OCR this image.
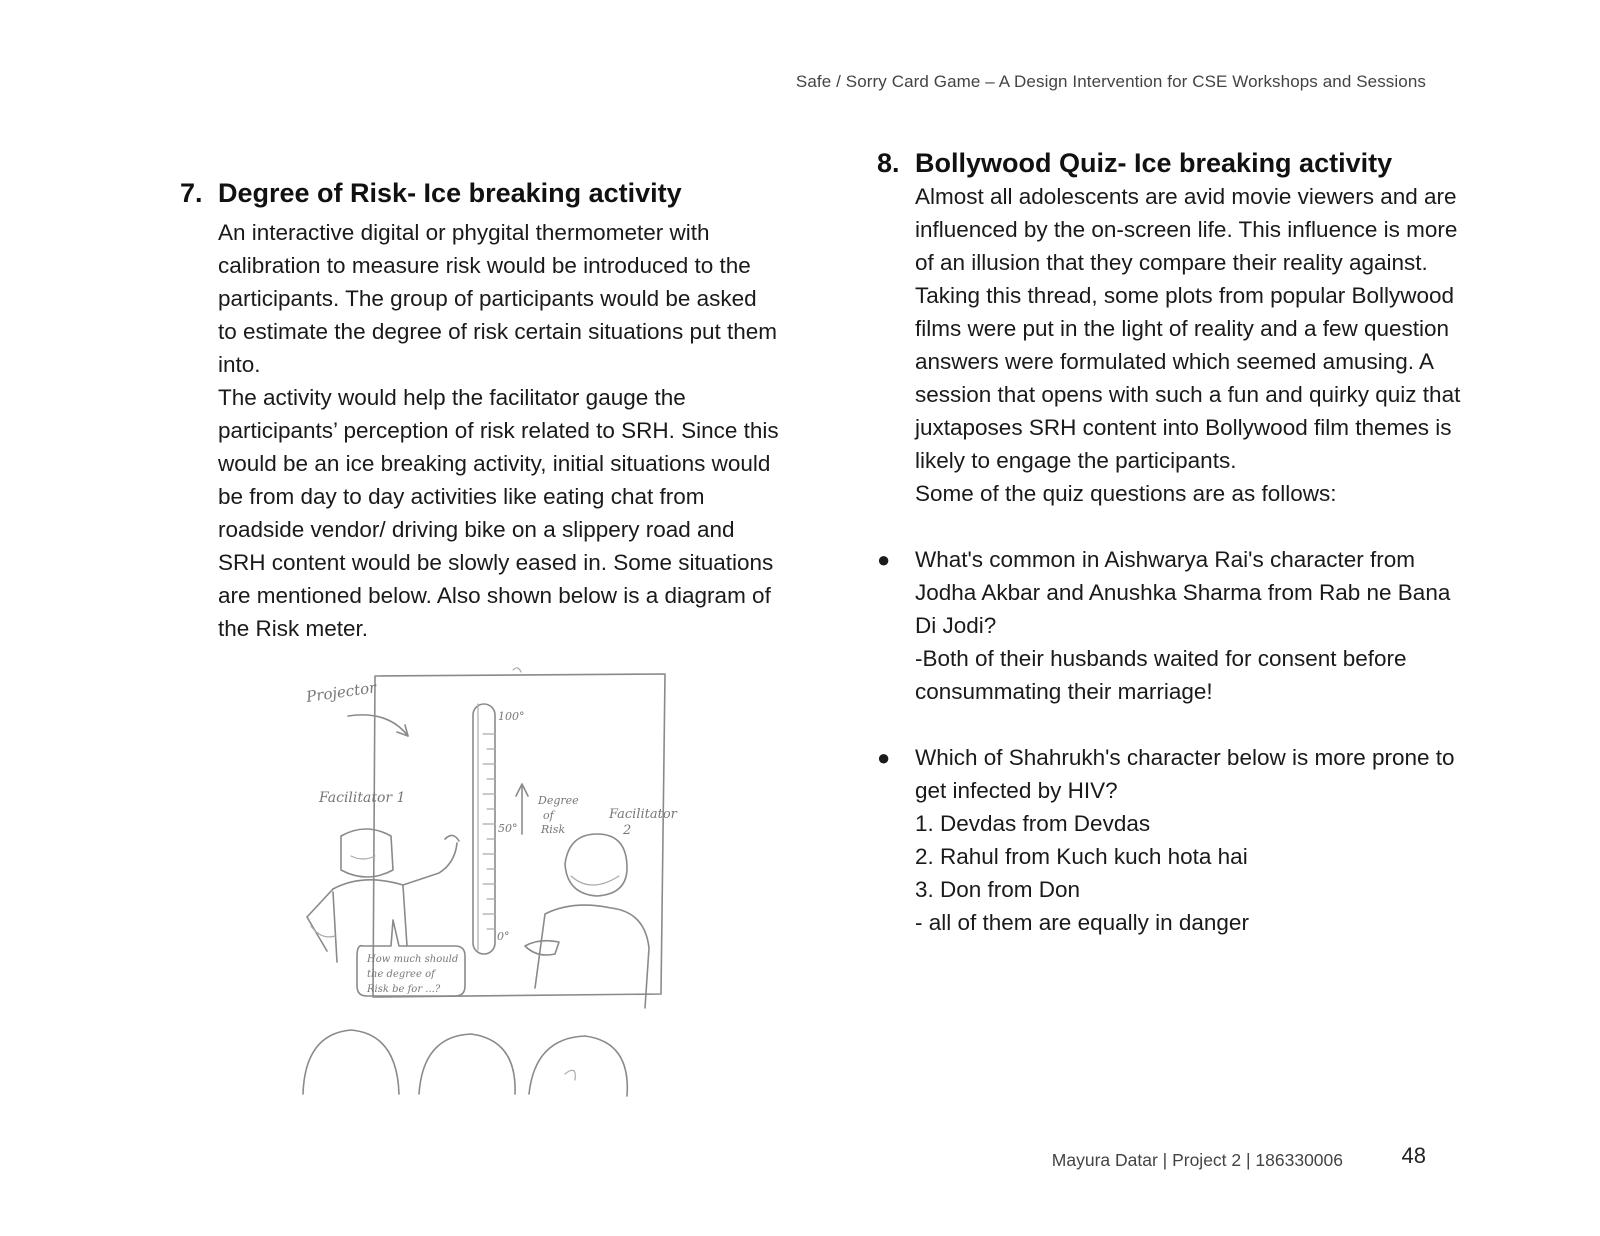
Safe / Sorry Card Game – A Design Intervention for CSE Workshops and Sessions
7. Degree of Risk- Ice breaking activity

An interactive digital or phygital thermometer with calibration to measure risk would be introduced to the participants. The group of participants would be asked to estimate the degree of risk certain situations put them into.

The activity would help the facilitator gauge the participants’ perception of risk related to SRH. Since this would be an ice breaking activity, initial situations would be from day to day activities like eating chat from roadside vendor/ driving bike on a slippery road and SRH content would be slowly eased in. Some situations are mentioned below. Also shown below is a diagram of the Risk meter.

Projector
100°
50°
0°
Degree
of
Risk
Facilitator 1
Facilitator
2
How much should
the degree of
Risk be for ...?
8. Bollywood Quiz- Ice breaking activity

Almost all adolescents are avid movie viewers and are influenced by the on-screen life. This influence is more of an illusion that they compare their reality against. Taking this thread, some plots from popular Bollywood films were put in the light of reality and a few question answers were formulated which seemed amusing. A session that opens with such a fun and quirky quiz that juxtaposes SRH content into Bollywood film themes is likely to engage the participants.

Some of the quiz questions are as follows:

●	What's common in Aishwarya Rai's character from Jodha Akbar and Anushka Sharma from Rab ne Bana Di Jodi?
-Both of their husbands waited for consent before consummating their marriage!
●	Which of Shahrukh's character below is more prone to get infected by HIV?
1. Devdas from Devdas
2. Rahul from Kuch kuch hota hai
3. Don from Don
- all of them are equally in danger
Mayura Datar | Project 2 | 186330006	48
